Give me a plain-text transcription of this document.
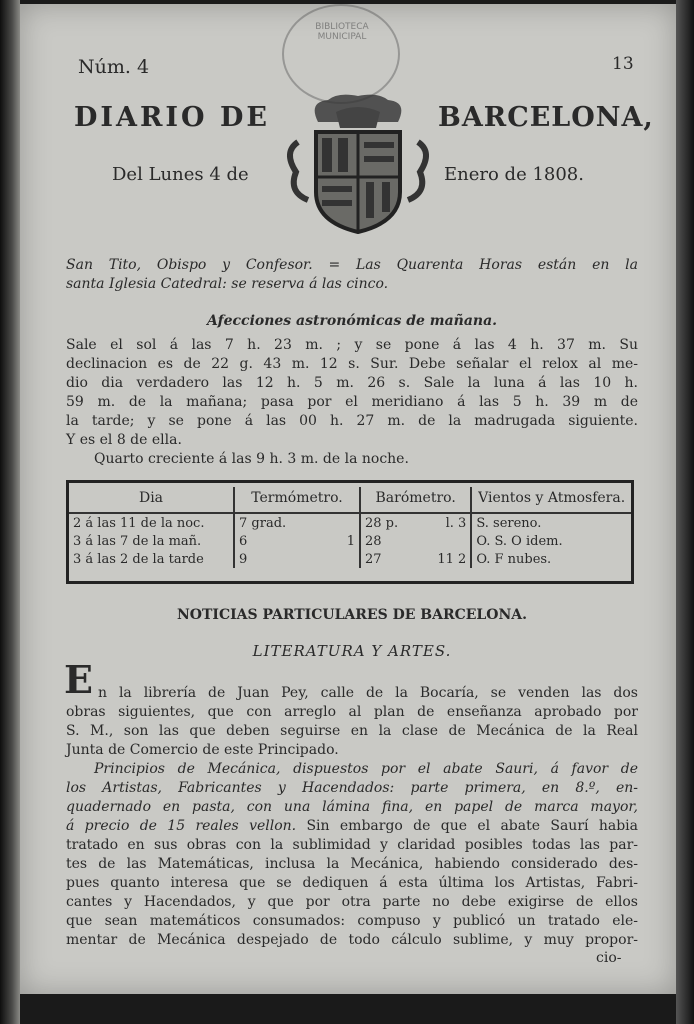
BIBLIOTECA MUNICIPAL
Núm. 4	13
DIARIO DE	BARCELONA,
Del Lunes 4 de	Enero de 1808.
San Tito, Obispo y Confesor. = Las Quarenta Horas están en la
santa Iglesia Catedral: se reserva á las cinco.
Afecciones astronómicas de mañana.
Sale el sol á las 7 h. 23 m. ; y se pone á las 4 h. 37 m. Su
declinacion es de 22 g. 43 m. 12 s. Sur. Debe señalar el relox al me-
dio dia verdadero las 12 h. 5 m. 26 s. Sale la luna á las 10 h.
59 m. de la mañana; pasa por el meridiano á las 5 h. 39 m de
la tarde; y se pone á las 00 h. 27 m. de la madrugada siguiente.
Y es el 8 de ella.
Quarto creciente á las 9 h. 3 m. de la noche.
Dia	Termómetro.		Barómetro.		Vientos y Atmosfera.
2 á las 11 de la noc.	7 grad.		28 p.	l. 3	S. sereno.
3 á las 7 de la mañ.	6	1	28		O. S. O idem.
3 á las 2 de la tarde	9		27	11 2	O. F nubes.
NOTICIAS PARTICULARES DE BARCELONA.
LITERATURA Y ARTES.
E n la librería de Juan Pey, calle de la Bocaría, se venden las dos
obras siguientes, que con arreglo al plan de enseñanza aprobado por
S. M., son las que deben seguirse en la clase de Mecánica de la Real
Junta de Comercio de este Principado.
Principios de Mecánica, dispuestos por el abate Sauri, á favor de
los Artistas, Fabricantes y Hacendados: parte primera, en 8.º, en-
quadernado en pasta, con una lámina fina, en papel de marca mayor,
á precio de 15 reales vellon. Sin embargo de que el abate Saurí habia
tratado en sus obras con la sublimidad y claridad posibles todas las par-
tes de las Matemáticas, inclusa la Mecánica, habiendo considerado des-
pues quanto interesa que se dediquen á esta última los Artistas, Fabri-
cantes y Hacendados, y que por otra parte no debe exigirse de ellos
que sean matemáticos consumados: compuso y publicó un tratado ele-
mentar de Mecánica despejado de todo cálculo sublime, y muy propor-
cio-
